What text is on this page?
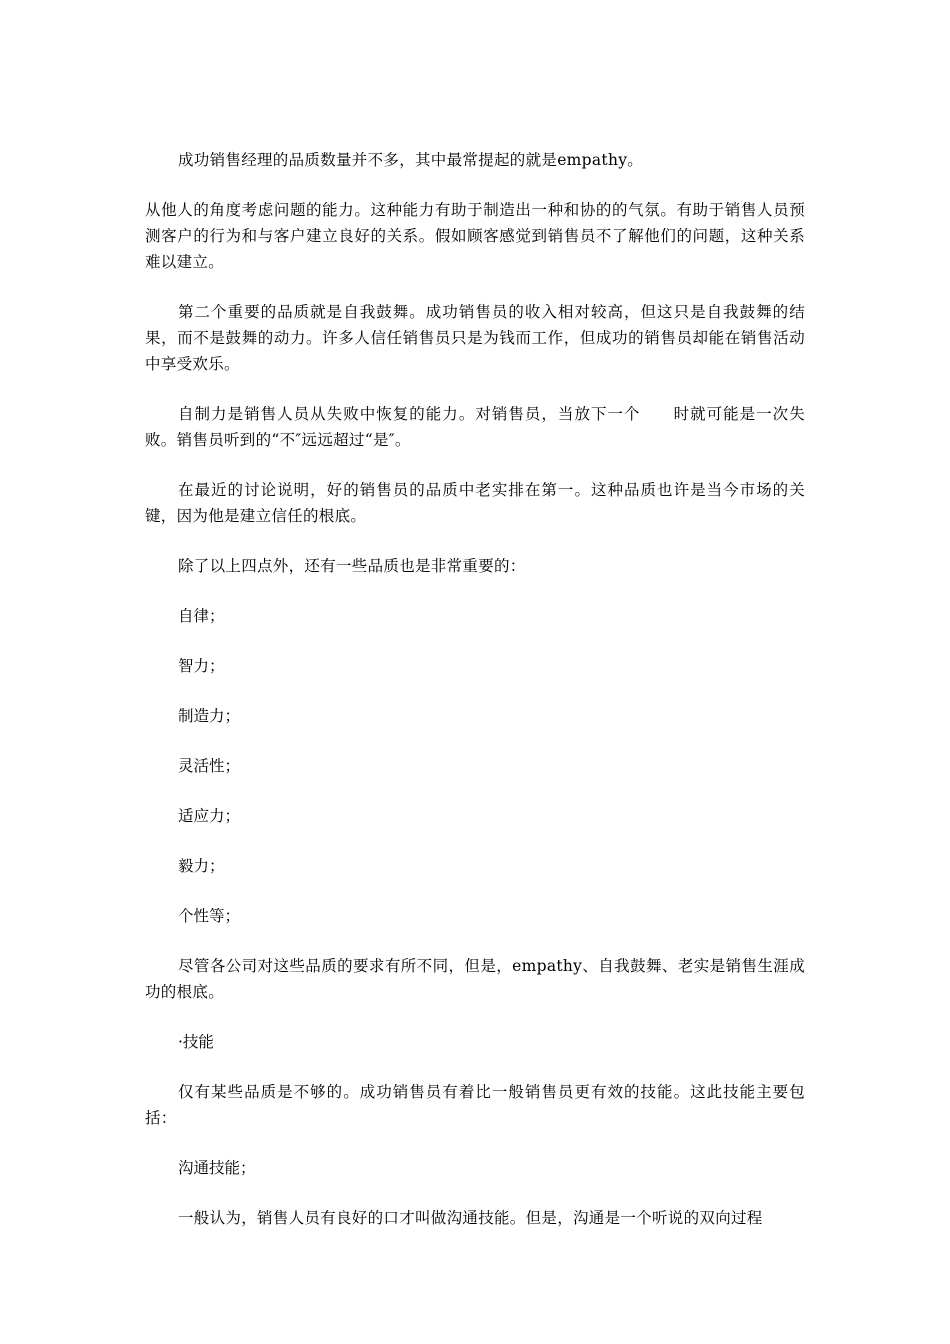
成功销售经理的品质数量并不多，其中最常提起的就是empathy。

从他人的角度考虑问题的能力。这种能力有助于制造出一种和协的的气氛。有助于销售人员预测客户的行为和与客户建立良好的关系。假如顾客感觉到销售员不了解他们的问题，这种关系难以建立。

第二个重要的品质就是自我鼓舞。成功销售员的收入相对较高，但这只是自我鼓舞的结果，而不是鼓舞的动力。许多人信任销售员只是为钱而工作，但成功的销售员却能在销售活动中享受欢乐。

自制力是销售人员从失败中恢复的能力。对销售员，当放下一个　　时就可能是一次失败。销售员听到的“不″远远超过“是″。

在最近的讨论说明，好的销售员的品质中老实排在第一。这种品质也许是当今市场的关键，因为他是建立信任的根底。

除了以上四点外，还有一些品质也是非常重要的：

自律；

智力；

制造力；

灵活性；

适应力；

毅力；

个性等；

尽管各公司对这些品质的要求有所不同，但是，empathy、自我鼓舞、老实是销售生涯成功的根底。

·技能

仅有某些品质是不够的。成功销售员有着比一般销售员更有效的技能。这此技能主要包括：

沟通技能；

一般认为，销售人员有良好的口才叫做沟通技能。但是，沟通是一个听说的双向过程
